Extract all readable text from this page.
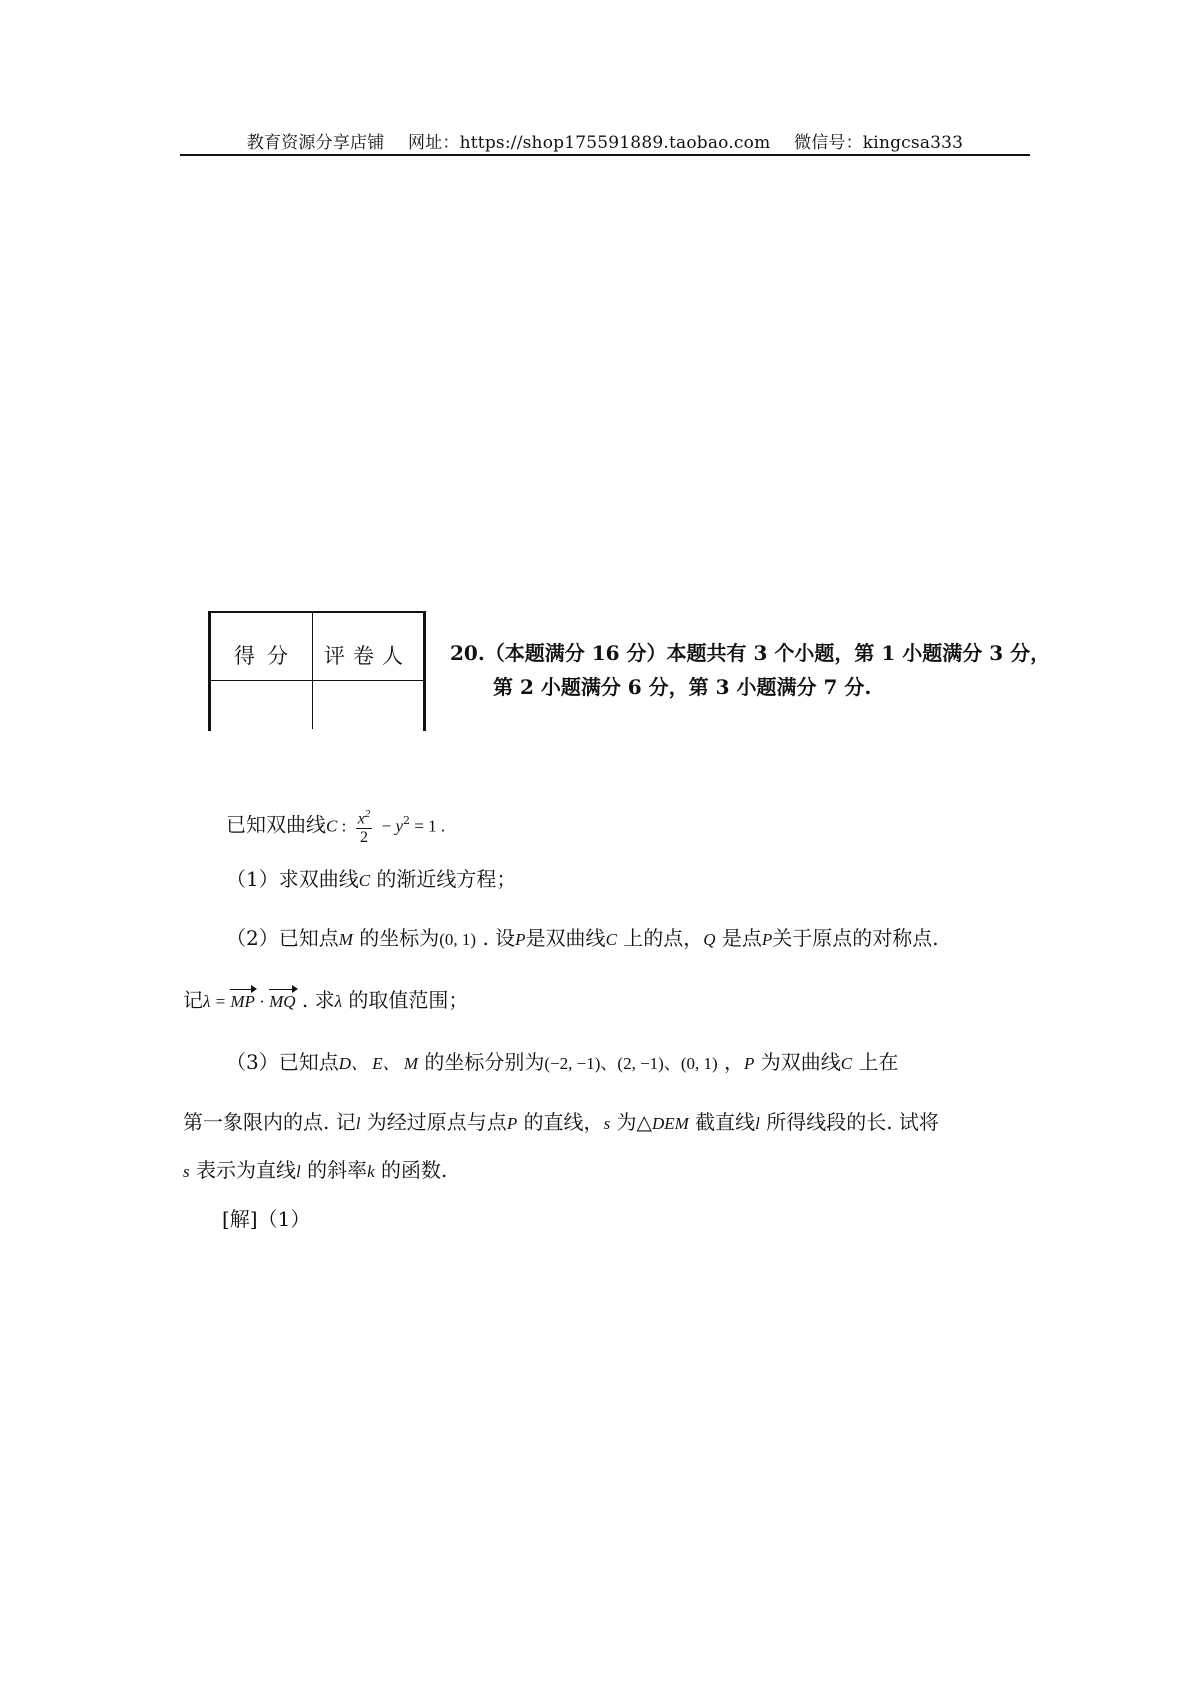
教育资源分享店铺 网址：https://shop175591889.taobao.com 微信号：kingcsa333
得分 评卷人 20.（本题满分 16 分）本题共有 3 个小题，第 1 小题满分 3 分，
第 2 小题满分 6 分，第 3 小题满分 7 分.
已知双曲线C : $\frac{x^2}{2} - y^2 = 1$ .
（1）求双曲线C 的渐近线方程；
（2）已知点M 的坐标为(0, 1) . 设P是双曲线C 上的点，Q 是点P关于原点的对称点.
记λ = MP · MQ . 求λ 的取值范围；
（3）已知点D、 E、 M 的坐标分别为(−2, −1)、(2, −1)、(0, 1) ，P 为双曲线C 上在
第一象限内的点. 记l 为经过原点与点P 的直线，s 为△DEM 截直线l 所得线段的长. 试将
s 表示为直线l 的斜率k 的函数.
[解]（1）
